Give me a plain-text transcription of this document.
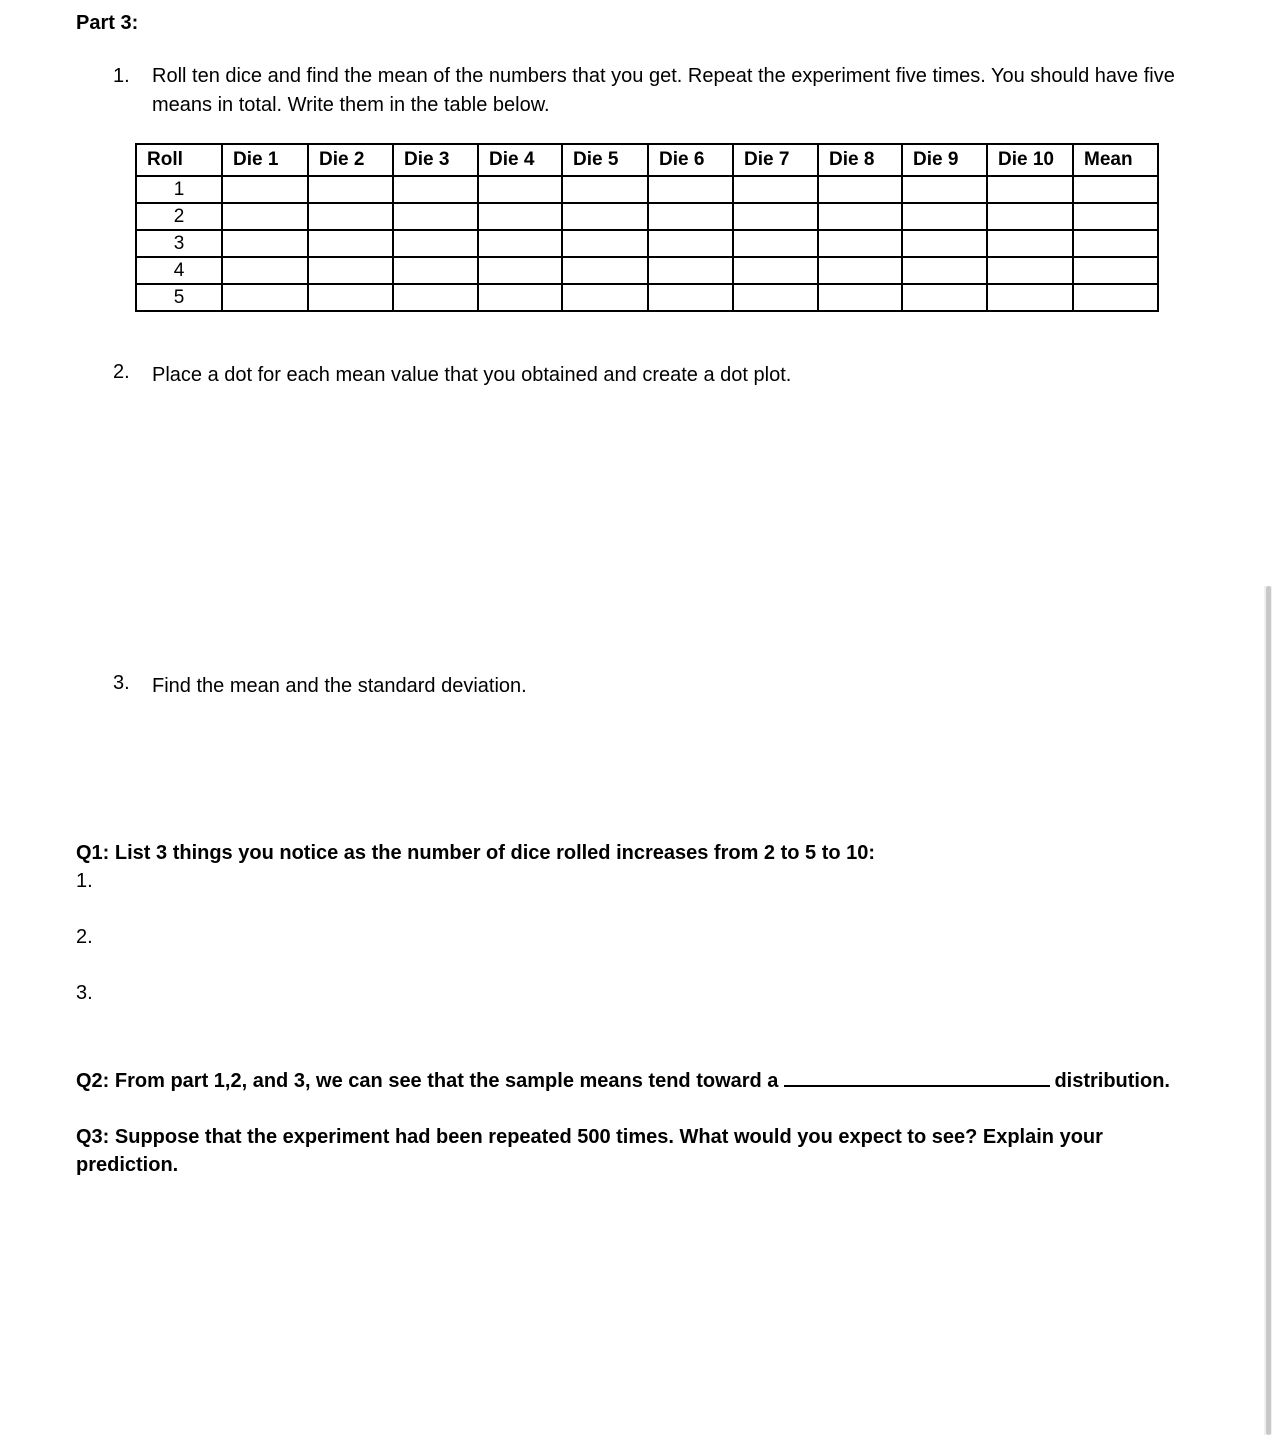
Part 3:
1. Roll ten dice and find the mean of the numbers that you get. Repeat the experiment five times. You should have five means in total. Write them in the table below.
Roll	Die 1	Die 2	Die 3	Die 4	Die 5	Die 6	Die 7	Die 8	Die 9	Die 10	Mean
1											
2											
3											
4											
5											
2. Place a dot for each mean value that you obtained and create a dot plot.
3. Find the mean and the standard deviation.
Q1: List 3 things you notice as the number of dice rolled increases from 2 to 5 to 10:
1.
2.
3.
Q2: From part 1,2, and 3, we can see that the sample means tend toward a	distribution.
Q3: Suppose that the experiment had been repeated 500 times. What would you expect to see? Explain your prediction.
